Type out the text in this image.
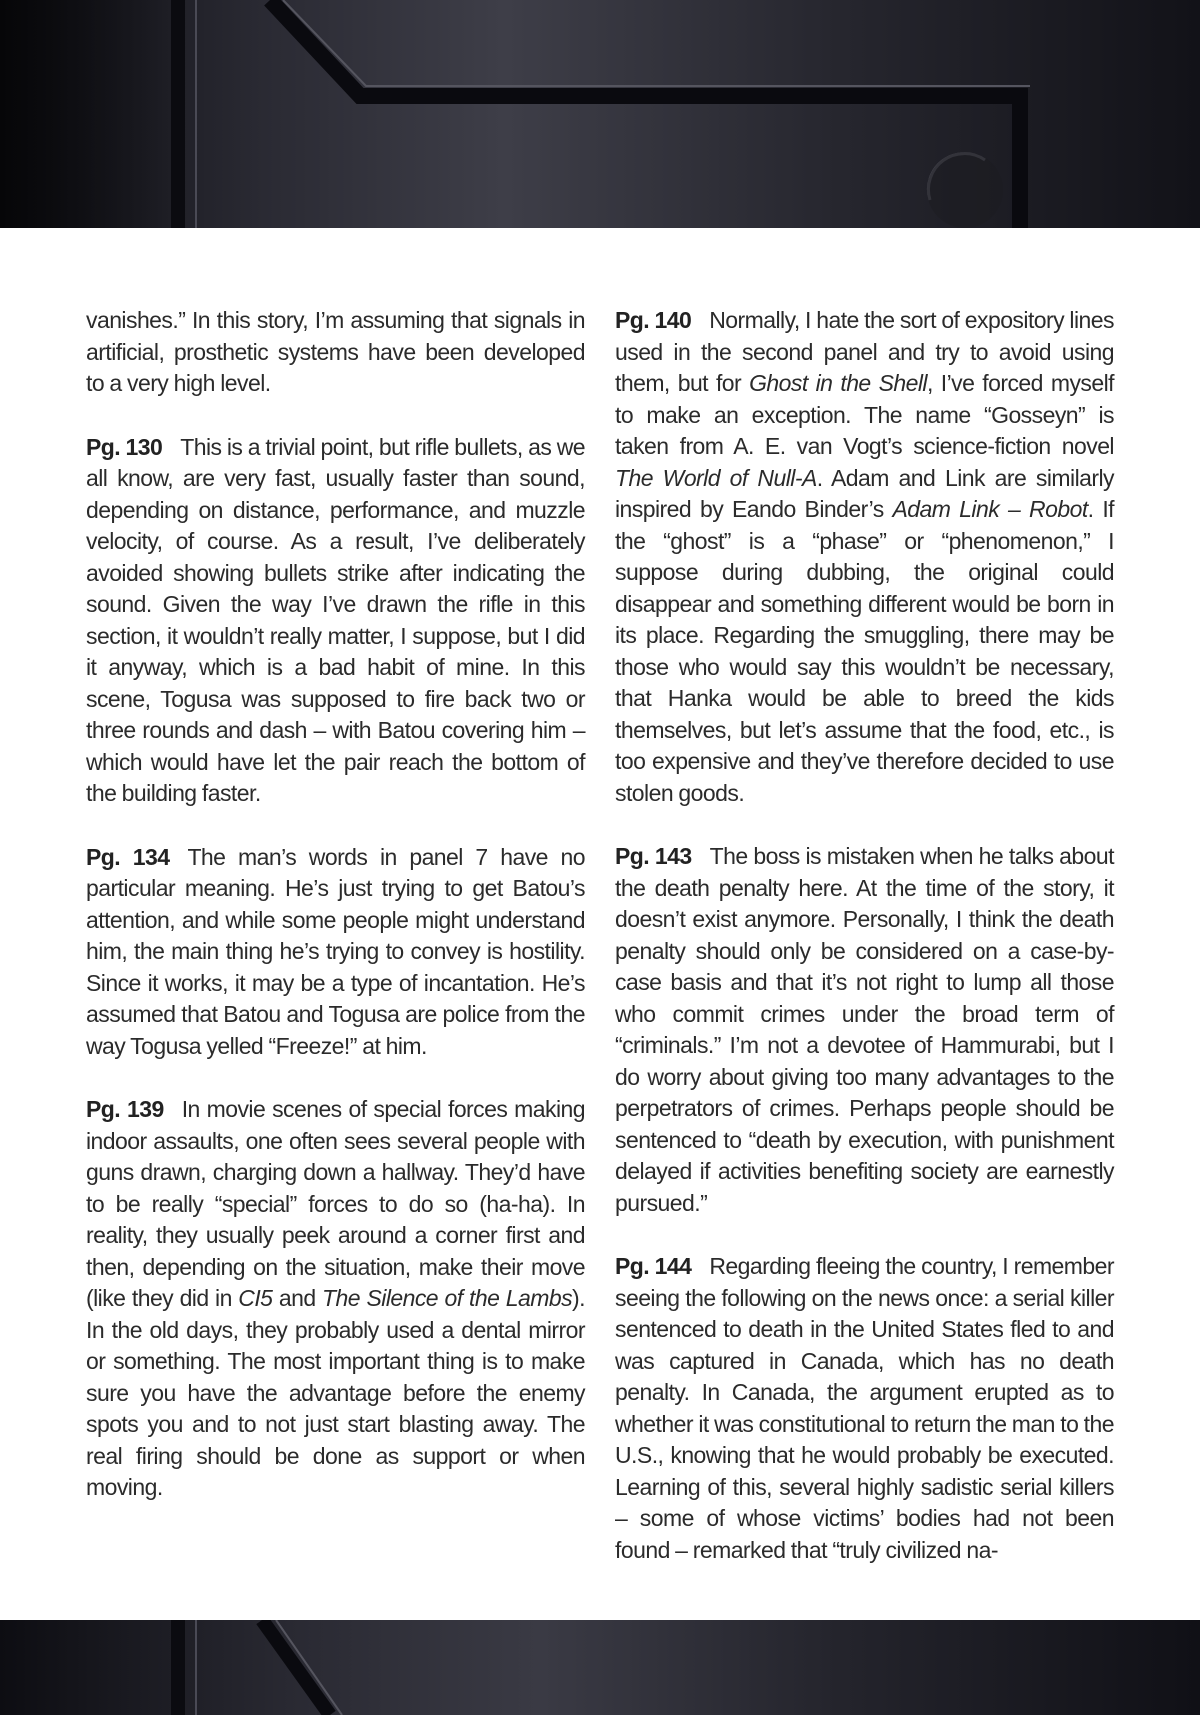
vanishes.” In this story, I’m assuming that signals in artificial, prosthetic systems have been developed to a very high level.

Pg. 130 This is a trivial point, but rifle bullets, as we all know, are very fast, usually faster than sound, depending on distance, performance, and muzzle velocity, of course. As a result, I’ve deliberately avoided showing bullets strike after indicating the sound. Given the way I’ve drawn the rifle in this section, it wouldn’t really matter, I suppose, but I did it anyway, which is a bad habit of mine. In this scene, Togusa was supposed to fire back two or three rounds and dash – with Batou covering him – which would have let the pair reach the bottom of the building faster.

Pg. 134 The man’s words in panel 7 have no particular meaning. He’s just trying to get Batou’s attention, and while some people might understand him, the main thing he’s trying to convey is hostility. Since it works, it may be a type of incantation. He’s assumed that Batou and Togusa are police from the way Togusa yelled “Freeze!” at him.

Pg. 139 In movie scenes of special forces making indoor assaults, one often sees several people with guns drawn, charging down a hallway. They’d have to be really “special” forces to do so (ha-ha). In reality, they usually peek around a corner first and then, depending on the situation, make their move (like they did in CI5 and The Silence of the Lambs). In the old days, they probably used a dental mirror or something. The most important thing is to make sure you have the advantage before the enemy spots you and to not just start blasting away. The real firing should be done as support or when moving.

Pg. 140 Normally, I hate the sort of expository lines used in the second panel and try to avoid using them, but for Ghost in the Shell, I’ve forced myself to make an exception. The name “Gosseyn” is taken from A. E. van Vogt’s science-fiction novel The World of Null-A. Adam and Link are similarly inspired by Eando Binder’s Adam Link – Robot. If the “ghost” is a “phase” or “phenomenon,” I suppose during dubbing, the original could disappear and something different would be born in its place. Regarding the smuggling, there may be those who would say this wouldn’t be necessary, that Hanka would be able to breed the kids themselves, but let’s assume that the food, etc., is too expensive and they’ve therefore decided to use stolen goods.

Pg. 143 The boss is mistaken when he talks about the death penalty here. At the time of the story, it doesn’t exist anymore. Personally, I think the death penalty should only be considered on a case-by-case basis and that it’s not right to lump all those who commit crimes under the broad term of “criminals.” I’m not a devotee of Hammurabi, but I do worry about giving too many advantages to the perpetrators of crimes. Perhaps people should be sentenced to “death by execution, with punishment delayed if activities benefiting society are earnestly pursued.”

Pg. 144 Regarding fleeing the country, I remember seeing the following on the news once: a serial killer sentenced to death in the United States fled to and was captured in Canada, which has no death penalty. In Canada, the argument erupted as to whether it was constitutional to return the man to the U.S., knowing that he would probably be executed. Learning of this, several highly sadistic serial killers – some of whose victims’ bodies had not been found – remarked that “truly civilized na-
